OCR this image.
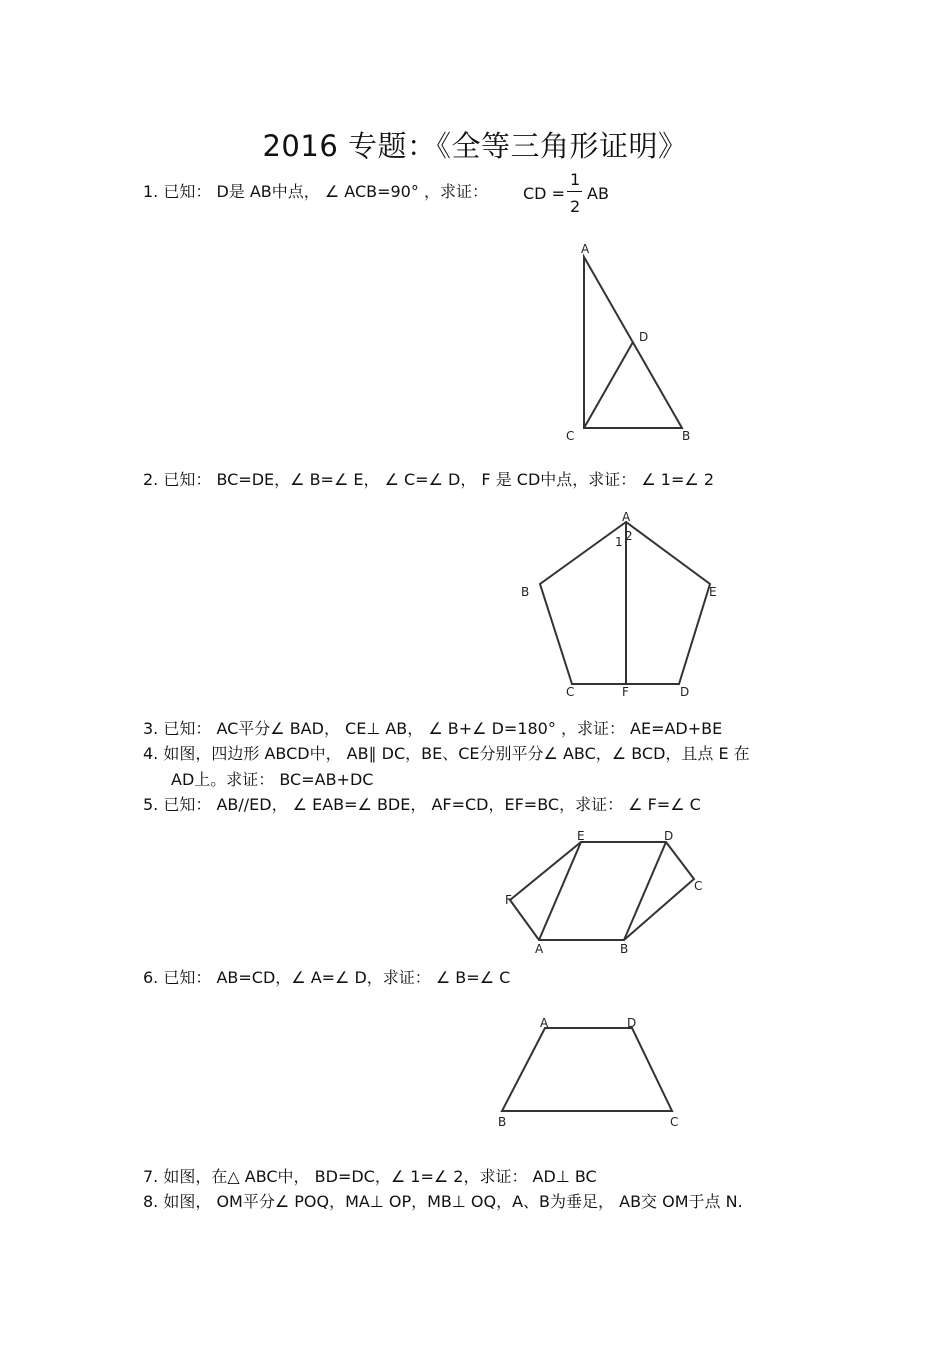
2016 专题：《全等三角形证明》
1. 已知： D是 AB中点， ∠ ACB=90° ，求证： CD =
1
2
AB
2. 已知： BC=DE，∠ B=∠ E， ∠ C=∠ D， F 是 CD中点，求证： ∠ 1=∠ 2
3. 已知： AC平分∠ BAD， CE⊥ AB， ∠ B+∠ D=180° ，求证： AE=AD+BE
4. 如图，四边形 ABCD中， AB∥ DC，BE、CE分别平分∠ ABC，∠ BCD，且点 E 在
AD上。求证： BC=AB+DC
5. 已知： AB//ED， ∠ EAB=∠ BDE， AF=CD，EF=BC，求证： ∠ F=∠ C
6. 已知： AB=CD，∠ A=∠ D，求证： ∠ B=∠ C
7. 如图，在△ ABC中， BD=DC，∠ 1=∠ 2，求证： AD⊥ BC
8. 如图， OM平分∠ POQ，MA⊥ OP，MB⊥ OQ，A、B为垂足， AB交 OM于点 N.
A
D
C	B
A
2
1
B	E
C	F	D
E	D
C
F
A	B
A	D
B	C
